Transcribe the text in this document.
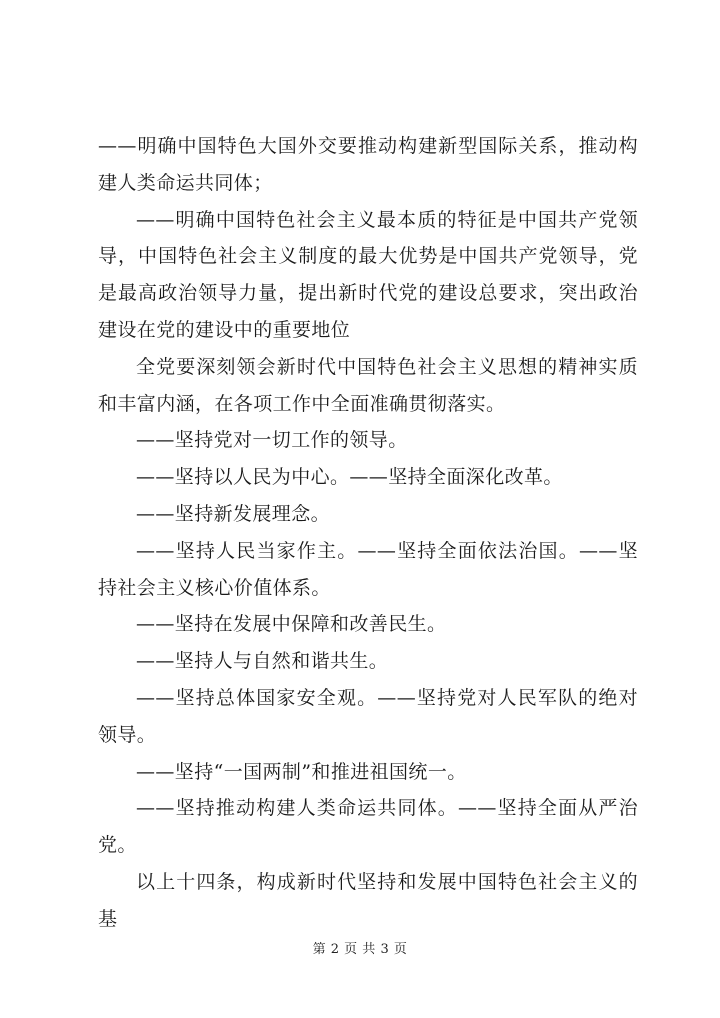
——明确中国特色大国外交要推动构建新型国际关系，推动构建人类命运共同体；

——明确中国特色社会主义最本质的特征是中国共产党领导，中国特色社会主义制度的最大优势是中国共产党领导，党是最高政治领导力量，提出新时代党的建设总要求，突出政治建设在党的建设中的重要地位

全党要深刻领会新时代中国特色社会主义思想的精神实质和丰富内涵，在各项工作中全面准确贯彻落实。

——坚持党对一切工作的领导。

——坚持以人民为中心。——坚持全面深化改革。

——坚持新发展理念。

——坚持人民当家作主。——坚持全面依法治国。——坚持社会主义核心价值体系。

——坚持在发展中保障和改善民生。

——坚持人与自然和谐共生。

——坚持总体国家安全观。——坚持党对人民军队的绝对领导。

——坚持“一国两制”和推进祖国统一。

——坚持推动构建人类命运共同体。——坚持全面从严治党。

以上十四条，构成新时代坚持和发展中国特色社会主义的基

第 2 页 共 3 页
